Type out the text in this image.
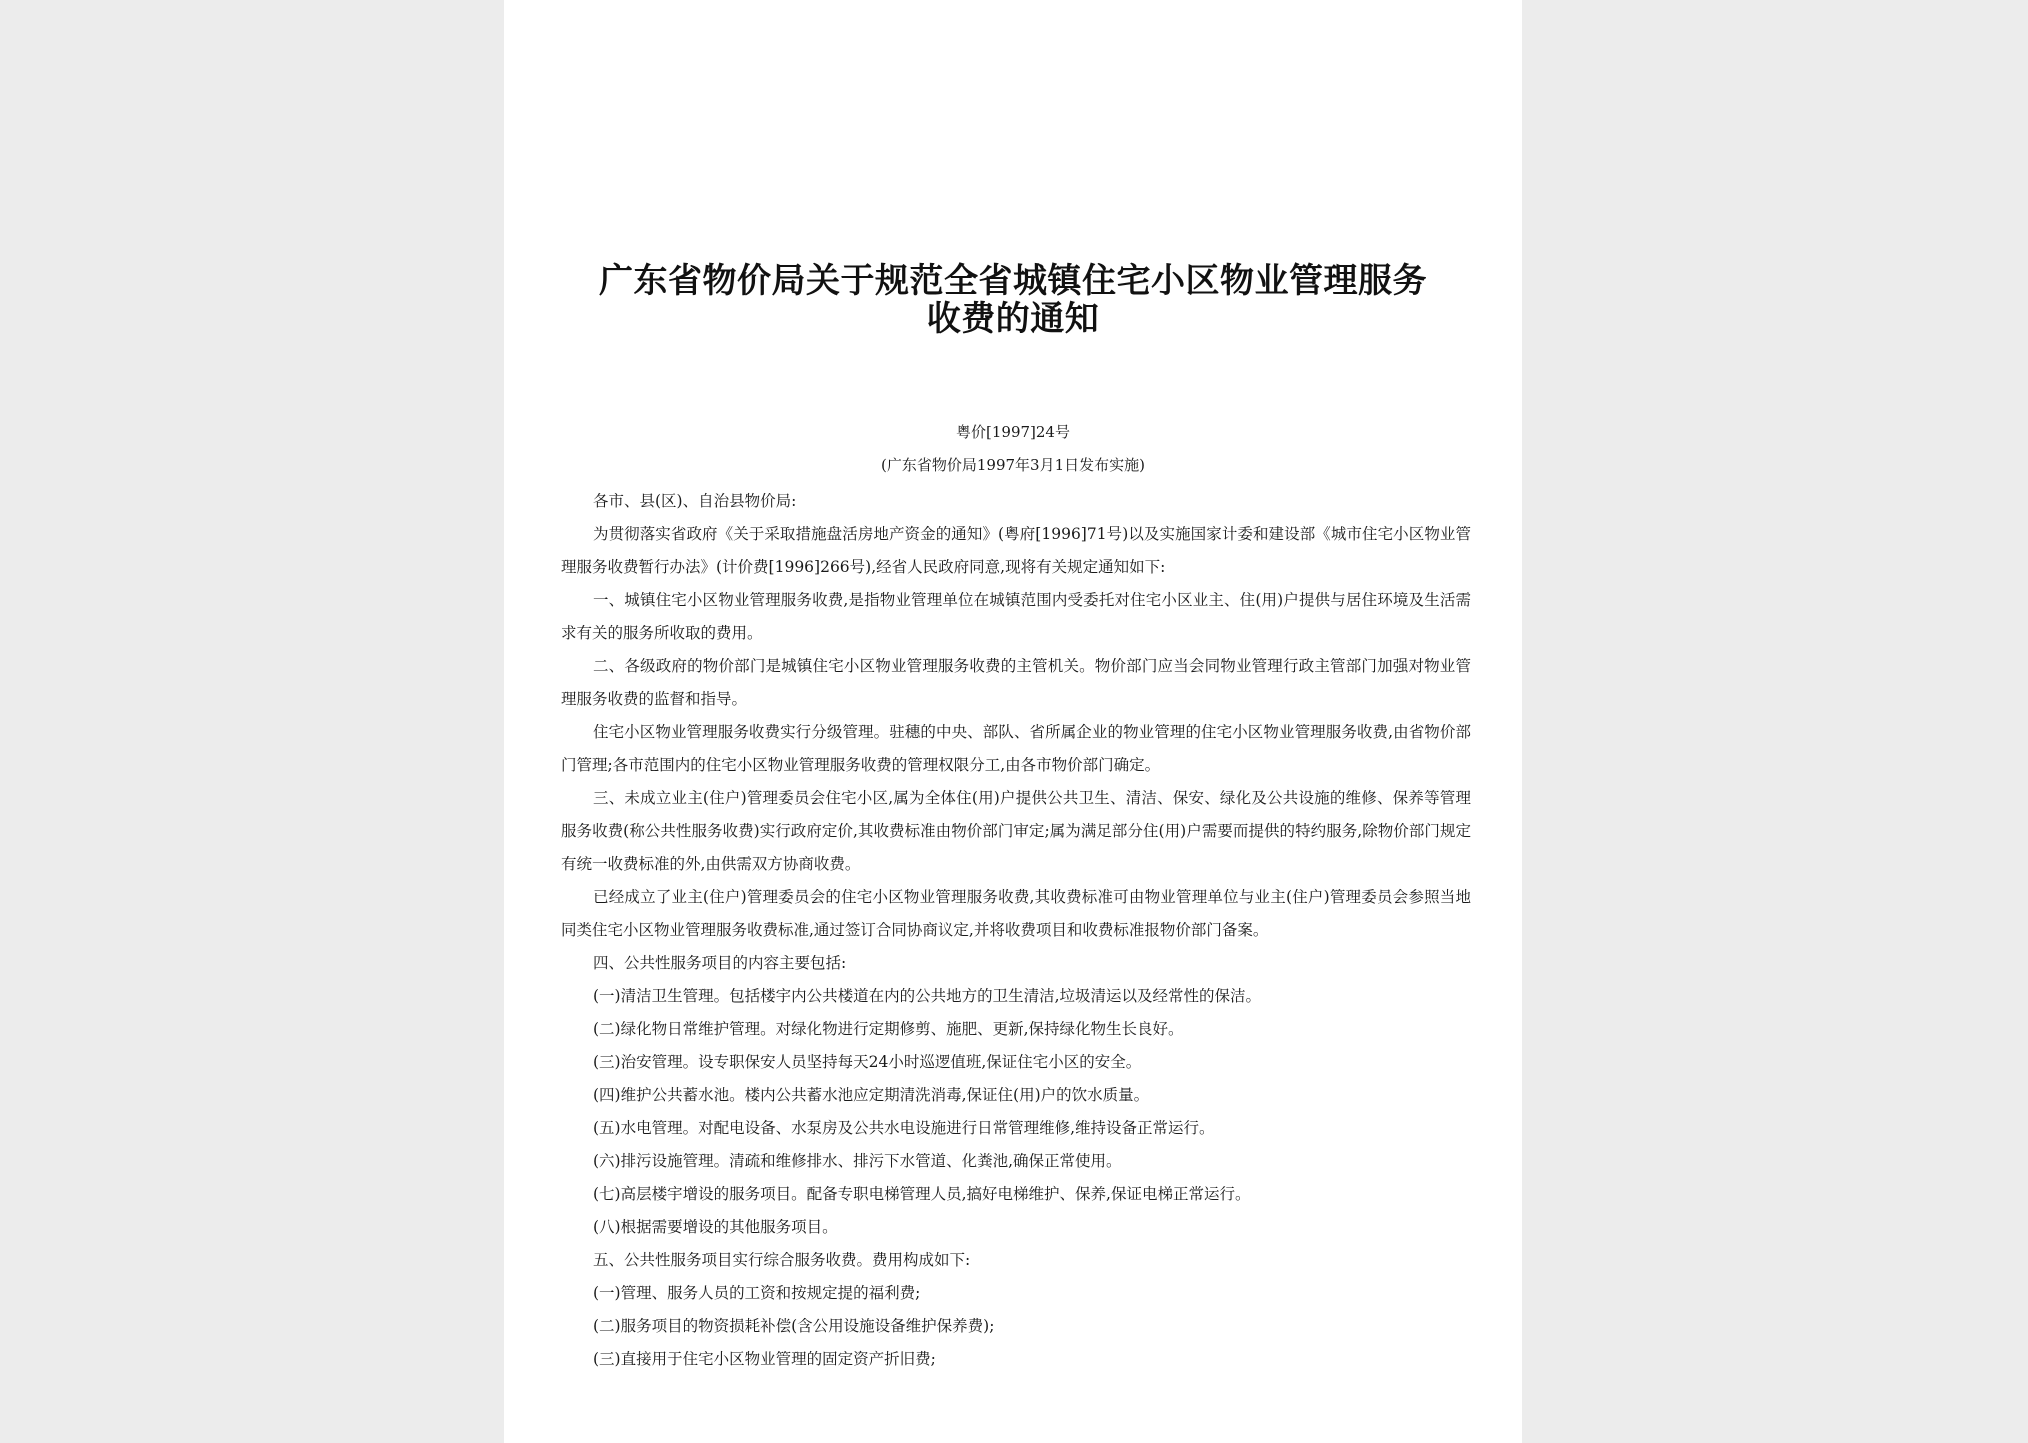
广东省物价局关于规范全省城镇住宅小区物业管理服务收费的通知
粤价[1997]24号
(广东省物价局1997年3月1日发布实施)

各市、县(区)、自治县物价局:

为贯彻落实省政府《关于采取措施盘活房地产资金的通知》(粤府[1996]71号)以及实施国家计委和建设部《城市住宅小区物业管理服务收费暂行办法》(计价费[1996]266号),经省人民政府同意,现将有关规定通知如下:

一、城镇住宅小区物业管理服务收费,是指物业管理单位在城镇范围内受委托对住宅小区业主、住(用)户提供与居住环境及生活需求有关的服务所收取的费用。

二、各级政府的物价部门是城镇住宅小区物业管理服务收费的主管机关。物价部门应当会同物业管理行政主管部门加强对物业管理服务收费的监督和指导。

住宅小区物业管理服务收费实行分级管理。驻穗的中央、部队、省所属企业的物业管理的住宅小区物业管理服务收费,由省物价部门管理;各市范围内的住宅小区物业管理服务收费的管理权限分工,由各市物价部门确定。

三、未成立业主(住户)管理委员会住宅小区,属为全体住(用)户提供公共卫生、清洁、保安、绿化及公共设施的维修、保养等管理服务收费(称公共性服务收费)实行政府定价,其收费标准由物价部门审定;属为满足部分住(用)户需要而提供的特约服务,除物价部门规定有统一收费标准的外,由供需双方协商收费。

已经成立了业主(住户)管理委员会的住宅小区物业管理服务收费,其收费标准可由物业管理单位与业主(住户)管理委员会参照当地同类住宅小区物业管理服务收费标准,通过签订合同协商议定,并将收费项目和收费标准报物价部门备案。

四、公共性服务项目的内容主要包括:

(一)清洁卫生管理。包括楼宇内公共楼道在内的公共地方的卫生清洁,垃圾清运以及经常性的保洁。

(二)绿化物日常维护管理。对绿化物进行定期修剪、施肥、更新,保持绿化物生长良好。

(三)治安管理。设专职保安人员坚持每天24小时巡逻值班,保证住宅小区的安全。

(四)维护公共蓄水池。楼内公共蓄水池应定期清洗消毒,保证住(用)户的饮水质量。

(五)水电管理。对配电设备、水泵房及公共水电设施进行日常管理维修,维持设备正常运行。

(六)排污设施管理。清疏和维修排水、排污下水管道、化粪池,确保正常使用。

(七)高层楼宇增设的服务项目。配备专职电梯管理人员,搞好电梯维护、保养,保证电梯正常运行。

(八)根据需要增设的其他服务项目。

五、公共性服务项目实行综合服务收费。费用构成如下:

(一)管理、服务人员的工资和按规定提的福利费;

(二)服务项目的物资损耗补偿(含公用设施设备维护保养费);

(三)直接用于住宅小区物业管理的固定资产折旧费;
